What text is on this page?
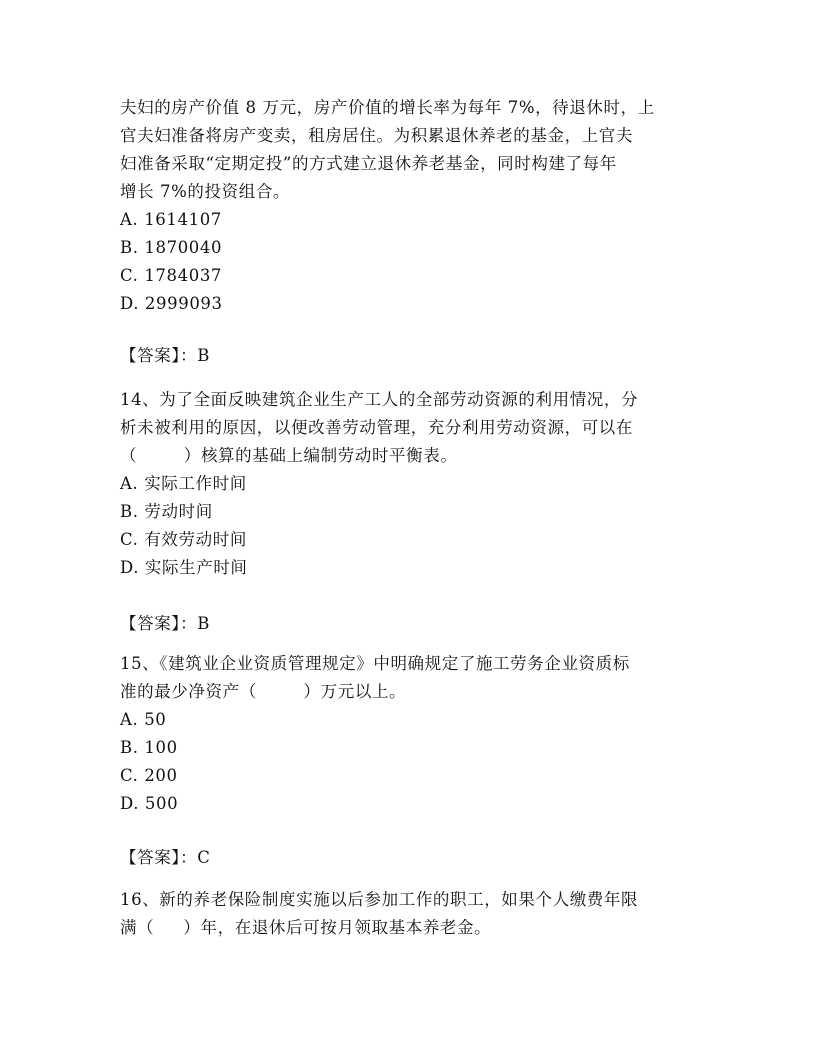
夫妇的房产价值 8 万元，房产价值的增长率为每年 7%，待退休时，上
官夫妇准备将房产变卖，租房居住。为积累退休养老的基金，上官夫
妇准备采取“定期定投”的方式建立退休养老基金，同时构建了每年
增长 7%的投资组合。
A. 1614107
B. 1870040
C. 1784037
D. 2999093
【答案】：B
14、为了全面反映建筑企业生产工人的全部劳动资源的利用情况，分
析未被利用的原因，以便改善劳动管理，充分利用劳动资源，可以在
（        ）核算的基础上编制劳动时平衡表。
A. 实际工作时间
B. 劳动时间
C. 有效劳动时间
D. 实际生产时间
【答案】：B
15、《建筑业企业资质管理规定》中明确规定了施工劳务企业资质标
准的最少净资产（        ）万元以上。
A. 50
B. 100
C. 200
D. 500
【答案】：C
16、新的养老保险制度实施以后参加工作的职工，如果个人缴费年限
满（     ）年，在退休后可按月领取基本养老金。
